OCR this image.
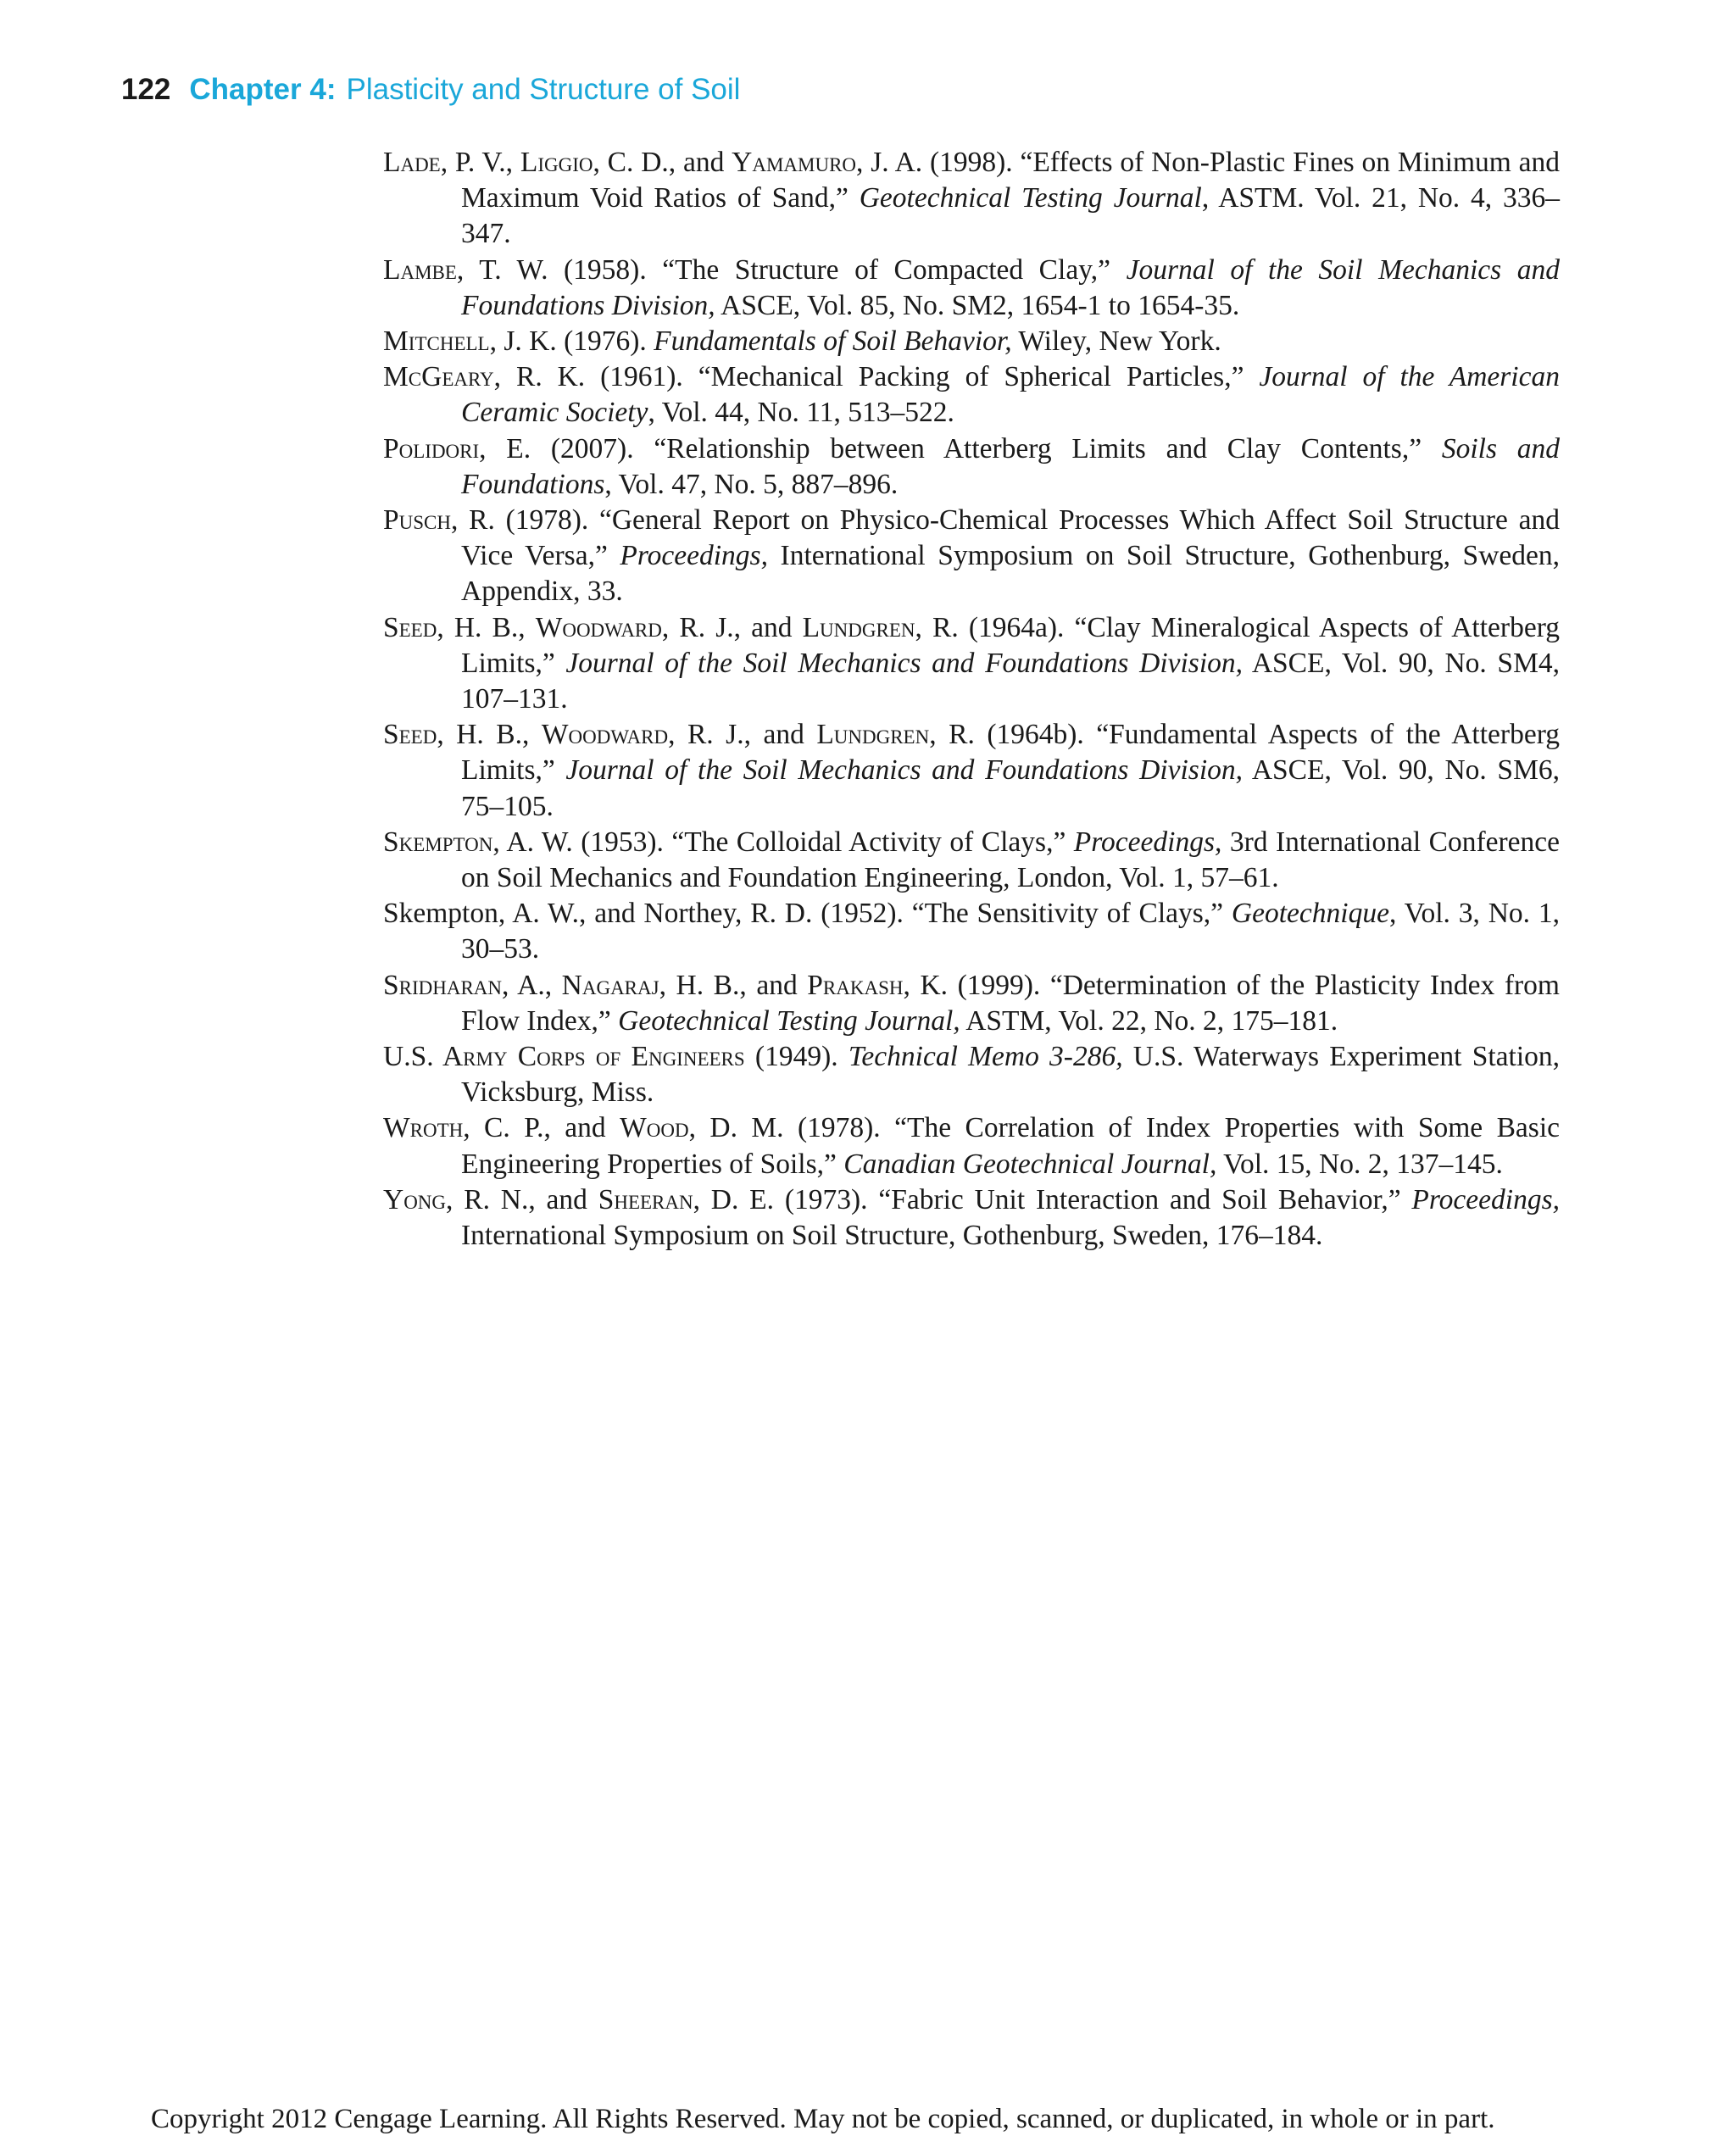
122 Chapter 4: Plasticity and Structure of Soil

Lade, P. V., Liggio, C. D., and Yamamuro, J. A. (1998). “Effects of Non-Plastic Fines on Minimum and Maximum Void Ratios of Sand,” Geotechnical Testing Journal, ASTM. Vol. 21, No. 4, 336–347.

Lambe, T. W. (1958). “The Structure of Compacted Clay,” Journal of the Soil Mechanics and Foundations Division, ASCE, Vol. 85, No. SM2, 1654-1 to 1654-35.

Mitchell, J. K. (1976). Fundamentals of Soil Behavior, Wiley, New York.

McGeary, R. K. (1961). “Mechanical Packing of Spherical Particles,” Journal of the American Ceramic Society, Vol. 44, No. 11, 513–522.

Polidori, E. (2007). “Relationship between Atterberg Limits and Clay Contents,” Soils and Foundations, Vol. 47, No. 5, 887–896.

Pusch, R. (1978). “General Report on Physico-Chemical Processes Which Affect Soil Structure and Vice Versa,” Proceedings, International Symposium on Soil Structure, Gothenburg, Sweden, Appendix, 33.

Seed, H. B., Woodward, R. J., and Lundgren, R. (1964a). “Clay Mineralogical Aspects of Atterberg Limits,” Journal of the Soil Mechanics and Foundations Division, ASCE, Vol. 90, No. SM4, 107–131.

Seed, H. B., Woodward, R. J., and Lundgren, R. (1964b). “Fundamental Aspects of the Atterberg Limits,” Journal of the Soil Mechanics and Foundations Division, ASCE, Vol. 90, No. SM6, 75–105.

Skempton, A. W. (1953). “The Colloidal Activity of Clays,” Proceedings, 3rd International Conference on Soil Mechanics and Foundation Engineering, London, Vol. 1, 57–61.

Skempton, A. W., and Northey, R. D. (1952). “The Sensitivity of Clays,” Geotechnique, Vol. 3, No. 1, 30–53.

Sridharan, A., Nagaraj, H. B., and Prakash, K. (1999). “Determination of the Plasticity Index from Flow Index,” Geotechnical Testing Journal, ASTM, Vol. 22, No. 2, 175–181.

U.S. Army Corps of Engineers (1949). Technical Memo 3-286, U.S. Waterways Experiment Station, Vicksburg, Miss.

Wroth, C. P., and Wood, D. M. (1978). “The Correlation of Index Properties with Some Basic Engineering Properties of Soils,” Canadian Geotechnical Journal, Vol. 15, No. 2, 137–145.

Yong, R. N., and Sheeran, D. E. (1973). “Fabric Unit Interaction and Soil Behavior,” Proceedings, International Symposium on Soil Structure, Gothenburg, Sweden, 176–184.

Copyright 2012 Cengage Learning. All Rights Reserved. May not be copied, scanned, or duplicated, in whole or in part.
